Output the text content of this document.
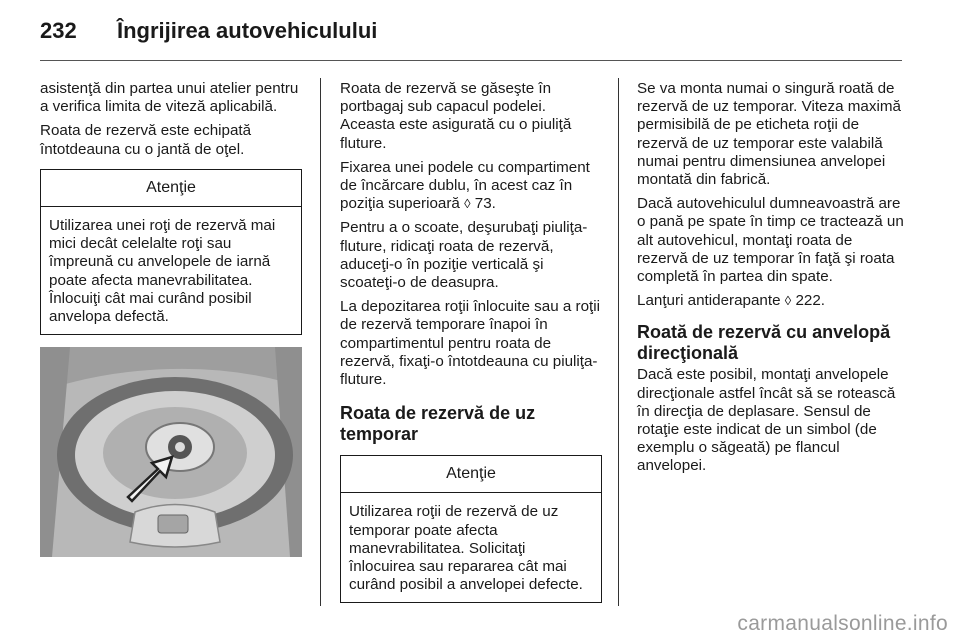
232 Îngrijirea autovehiculului

asistenţă din partea unui atelier pentru a verifica limita de viteză aplicabilă.

Roata de rezervă este echipată întotdeauna cu o jantă de oţel.

Atenţie
Utilizarea unei roţi de rezervă mai mici decât celelalte roţi sau împreună cu anvelopele de iarnă poate afecta manevrabilitatea. Înlocuiţi cât mai curând posibil anvelopa defectă.

Roata de rezervă se găseşte în portbagaj sub capacul podelei. Aceasta este asigurată cu o piuliţă fluture.

Fixarea unei podele cu compartiment de încărcare dublu, în acest caz în poziţia superioară ◊ 73.

Pentru a o scoate, deşurubaţi piuliţa-fluture, ridicaţi roata de rezervă, aduceţi-o în poziţie verticală şi scoateţi-o de deasupra.

La depozitarea roţii înlocuite sau a roţii de rezervă temporare înapoi în compartimentul pentru roata de rezervă, fixaţi-o întotdeauna cu piuliţa-fluture.

Roata de rezervă de uz temporar
Atenţie
Utilizarea roţii de rezervă de uz temporar poate afecta manevrabilitatea. Solicitaţi înlocuirea sau repararea cât mai curând posibil a anvelopei defecte.

Se va monta numai o singură roată de rezervă de uz temporar. Viteza maximă permisibilă de pe eticheta roţii de rezervă de uz temporar este valabilă numai pentru dimensiunea anvelopei montată din fabrică.

Dacă autovehiculul dumneavoastră are o pană pe spate în timp ce tractează un alt autovehicul, montaţi roata de rezervă de uz temporar în faţă şi roata completă în partea din spate.

Lanţuri antiderapante ◊ 222.

Roată de rezervă cu anvelopă direcţională

Dacă este posibil, montaţi anvelopele direcţionale astfel încât să se rotească în direcţia de deplasare. Sensul de rotaţie este indicat de un simbol (de exemplu o săgeată) pe flancul anvelopei.

carmanualsonline.info
